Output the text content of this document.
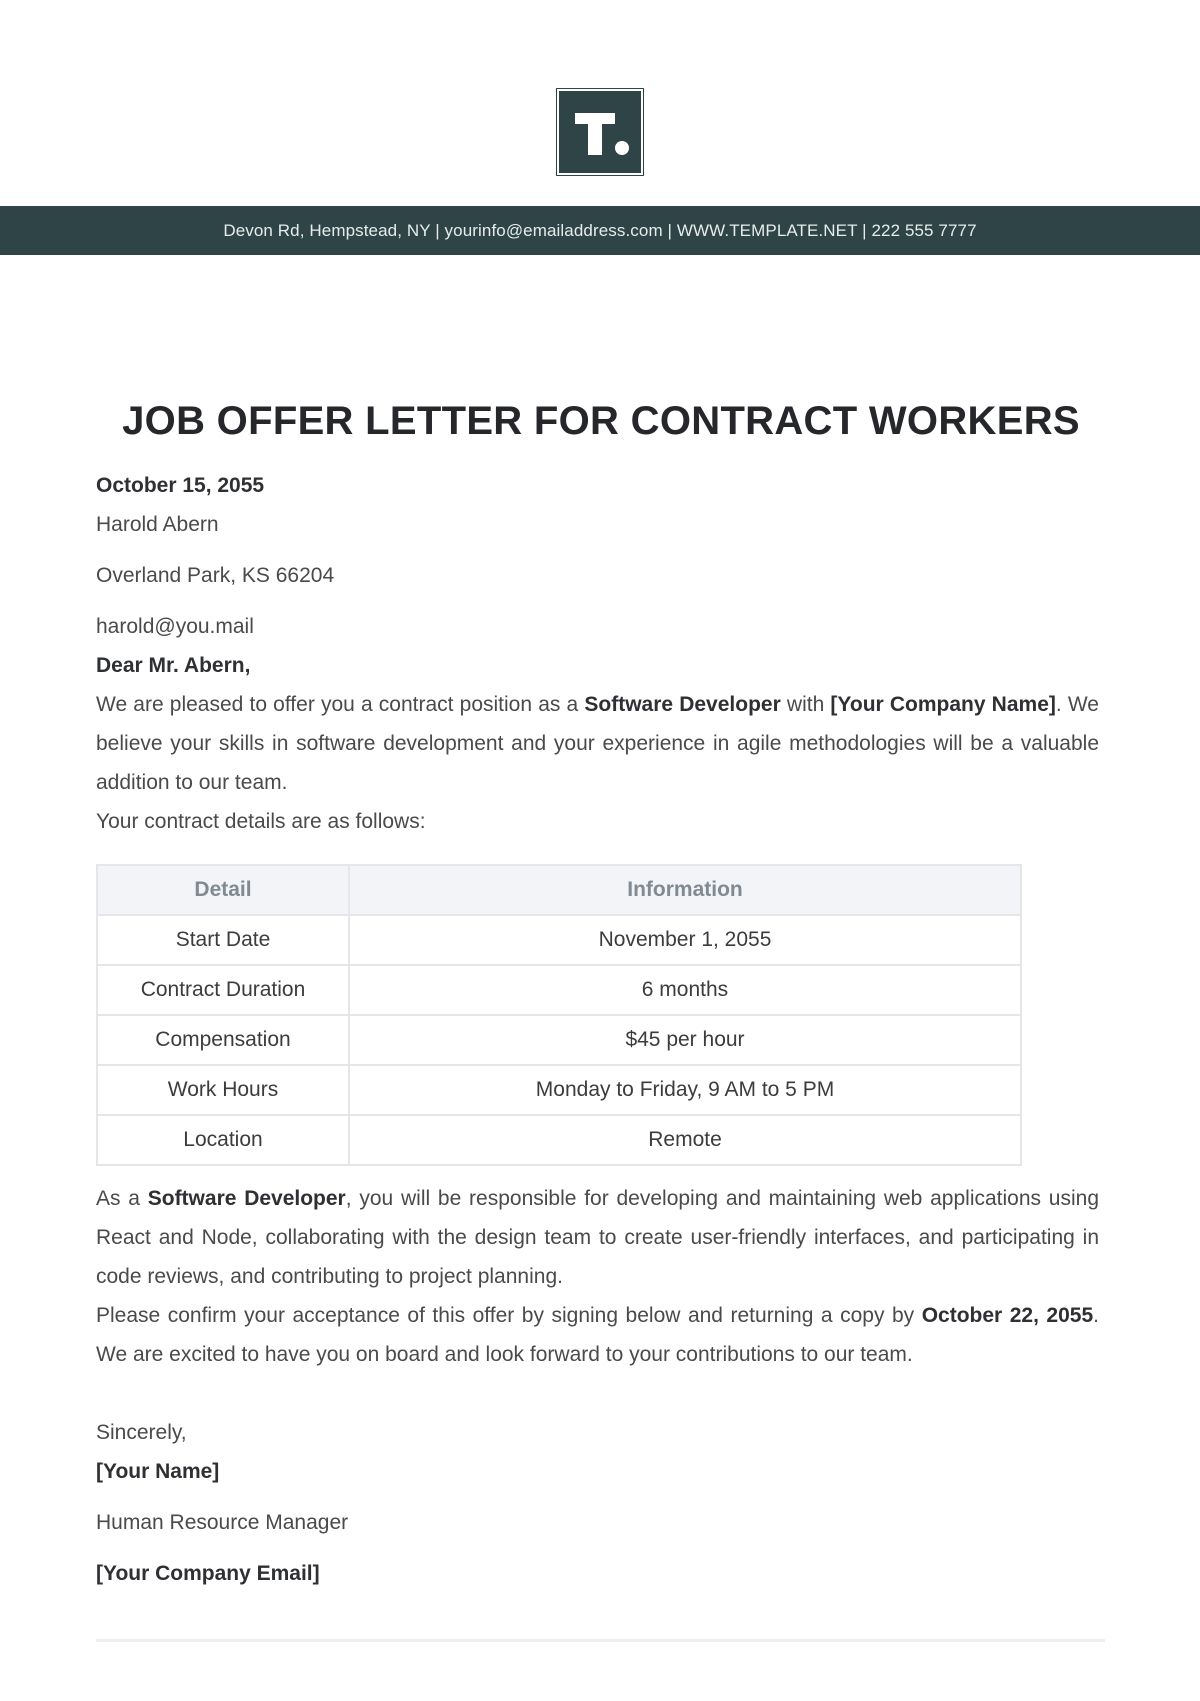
Devon Rd, Hempstead, NY | yourinfo@emailaddress.com | WWW.TEMPLATE.NET | 222 555 7777
JOB OFFER LETTER FOR CONTRACT WORKERS

October 15, 2055

Harold Abern

Overland Park, KS 66204

harold@you.mail

Dear Mr. Abern,

We are pleased to offer you a contract position as a Software Developer with [Your Company Name]. We believe your skills in software development and your experience in agile methodologies will be a valuable addition to our team.

Your contract details are as follows:

Detail	Information
Start Date	November 1, 2055
Contract Duration	6 months
Compensation	$45 per hour
Work Hours	Monday to Friday, 9 AM to 5 PM
Location	Remote

As a Software Developer, you will be responsible for developing and maintaining web applications using React and Node, collaborating with the design team to create user-friendly interfaces, and participating in code reviews, and contributing to project planning.

Please confirm your acceptance of this offer by signing below and returning a copy by October 22, 2055. We are excited to have you on board and look forward to your contributions to our team.

Sincerely,

[Your Name]

Human Resource Manager

[Your Company Email]
